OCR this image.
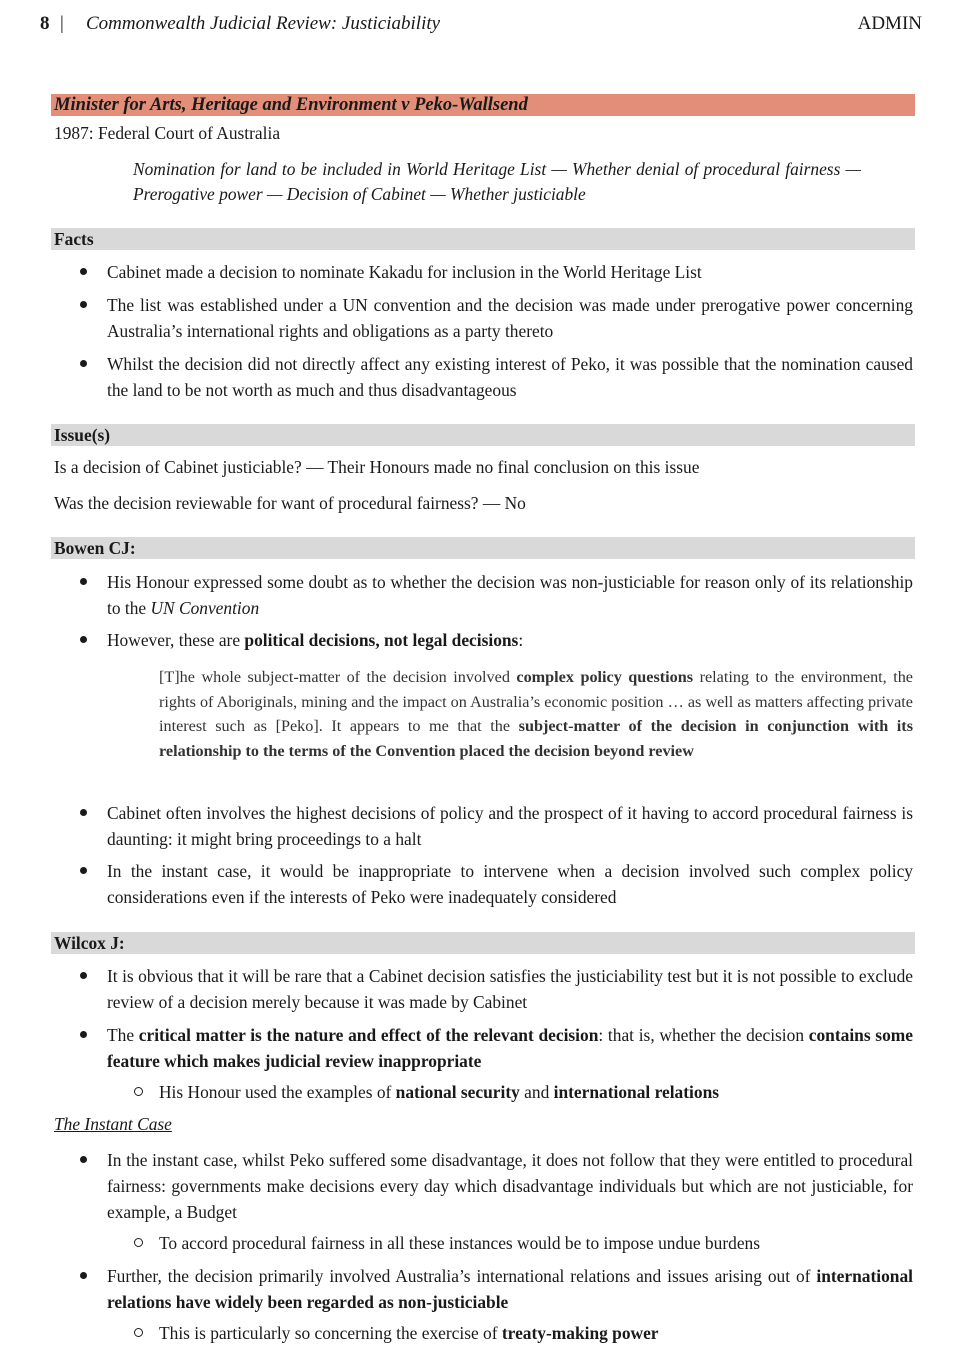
8 | Commonwealth Judicial Review: Justiciability	ADMIN
Minister for Arts, Heritage and Environment v Peko-Wallsend
1987: Federal Court of Australia
Nomination for land to be included in World Heritage List — Whether denial of procedural fairness — Prerogative power — Decision of Cabinet — Whether justiciable
Facts
Cabinet made a decision to nominate Kakadu for inclusion in the World Heritage List
The list was established under a UN convention and the decision was made under prerogative power concerning Australia’s international rights and obligations as a party thereto
Whilst the decision did not directly affect any existing interest of Peko, it was possible that the nomination caused the land to be not worth as much and thus disadvantageous
Issue(s)
Is a decision of Cabinet justiciable? — Their Honours made no final conclusion on this issue
Was the decision reviewable for want of procedural fairness? — No
Bowen CJ:
His Honour expressed some doubt as to whether the decision was non-justiciable for reason only of its relationship to the UN Convention
However, these are political decisions, not legal decisions:
[T]he whole subject-matter of the decision involved complex policy questions relating to the environment, the rights of Aboriginals, mining and the impact on Australia’s economic position … as well as matters affecting private interest such as [Peko]. It appears to me that the subject-matter of the decision in conjunction with its relationship to the terms of the Convention placed the decision beyond review
Cabinet often involves the highest decisions of policy and the prospect of it having to accord procedural fairness is daunting: it might bring proceedings to a halt
In the instant case, it would be inappropriate to intervene when a decision involved such complex policy considerations even if the interests of Peko were inadequately considered
Wilcox J:
It is obvious that it will be rare that a Cabinet decision satisfies the justiciability test but it is not possible to exclude review of a decision merely because it was made by Cabinet
The critical matter is the nature and effect of the relevant decision: that is, whether the decision contains some feature which makes judicial review inappropriate
His Honour used the examples of national security and international relations
The Instant Case
In the instant case, whilst Peko suffered some disadvantage, it does not follow that they were entitled to procedural fairness: governments make decisions every day which disadvantage individuals but which are not justiciable, for example, a Budget
To accord procedural fairness in all these instances would be to impose undue burdens
Further, the decision primarily involved Australia’s international relations and issues arising out of international relations have widely been regarded as non-justiciable
This is particularly so concerning the exercise of treaty-making power
